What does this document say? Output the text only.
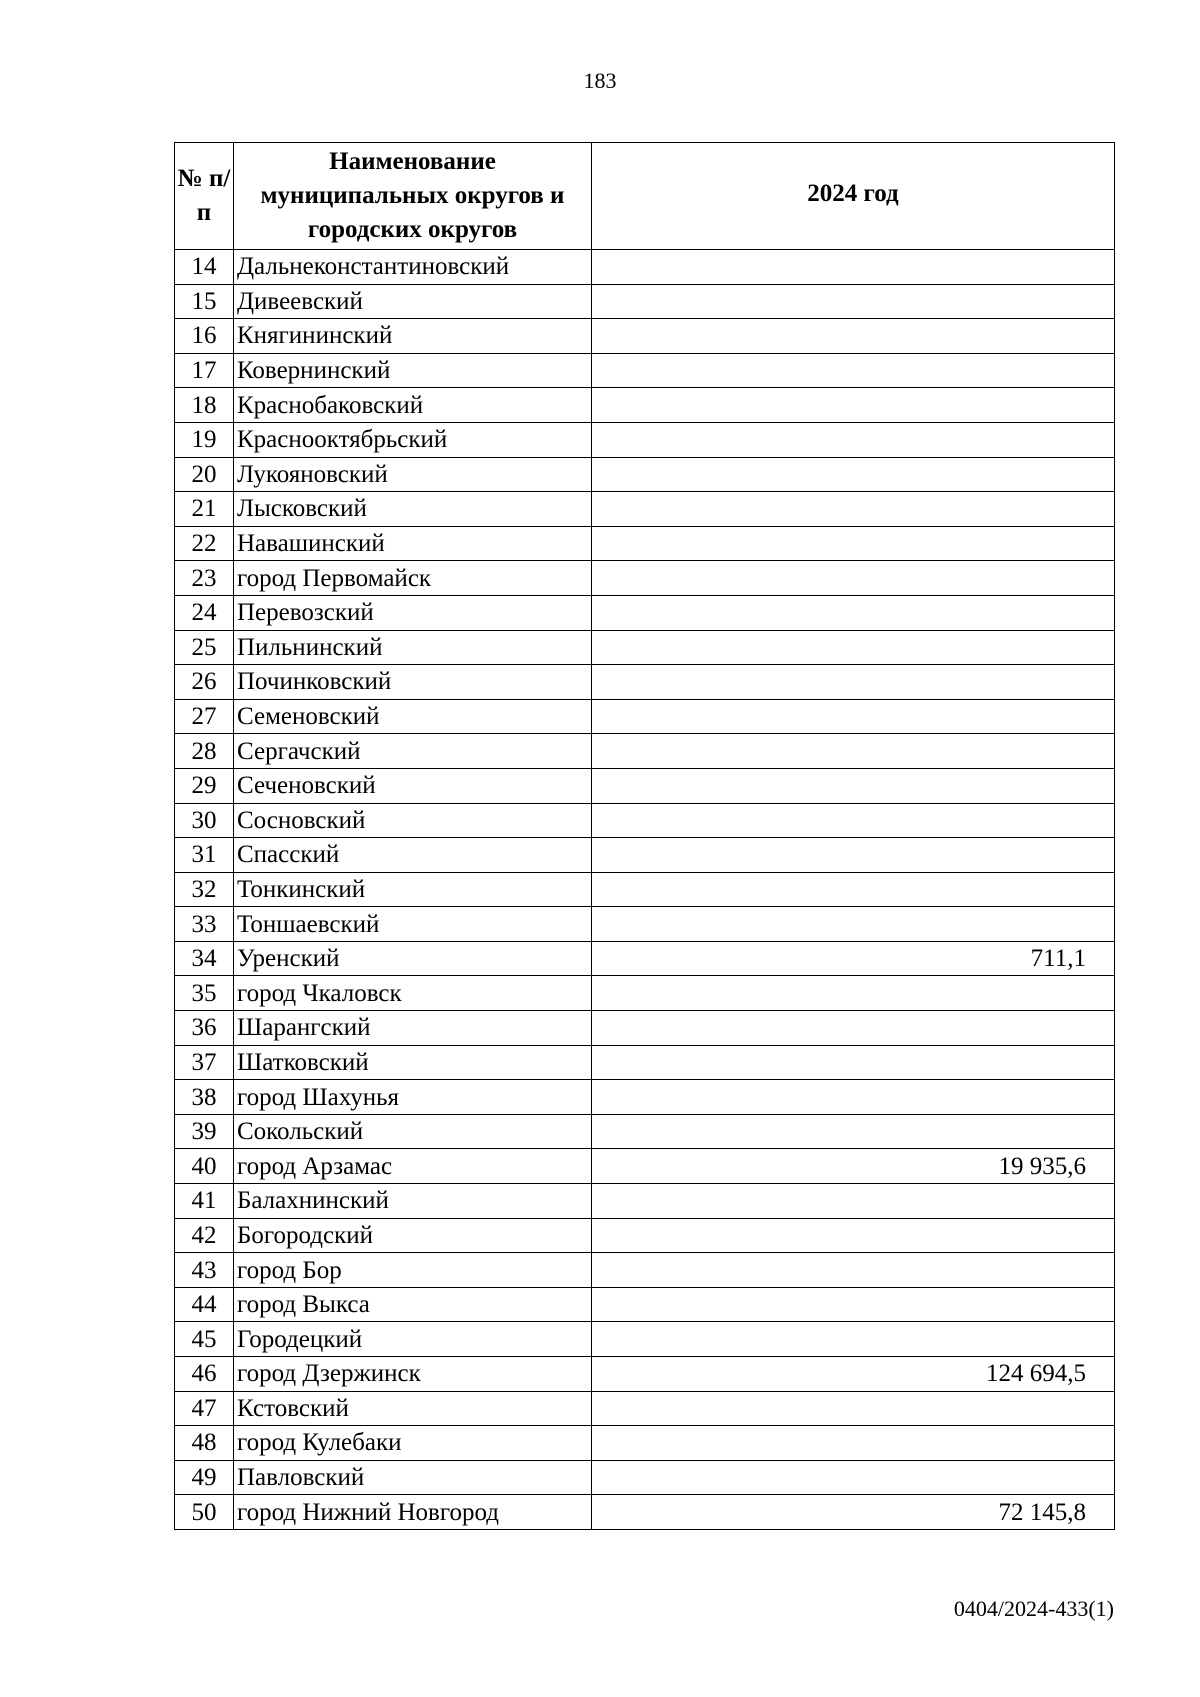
183
№ п/п	Наименование муниципальных округов и городских округов	2024 год
14	Дальнеконстантиновский	
15	Дивеевский	
16	Княгининский	
17	Ковернинский	
18	Краснобаковский	
19	Краснооктябрьский	
20	Лукояновский	
21	Лысковский	
22	Навашинский	
23	город Первомайск	
24	Перевозский	
25	Пильнинский	
26	Починковский	
27	Семеновский	
28	Сергачский	
29	Сеченовский	
30	Сосновский	
31	Спасский	
32	Тонкинский	
33	Тоншаевский	
34	Уренский	711,1
35	город Чкаловск	
36	Шарангский	
37	Шатковский	
38	город Шахунья	
39	Сокольский	
40	город Арзамас	19 935,6
41	Балахнинский	
42	Богородский	
43	город Бор	
44	город Выкса	
45	Городецкий	
46	город Дзержинск	124 694,5
47	Кстовский	
48	город Кулебаки	
49	Павловский	
50	город Нижний Новгород	72 145,8
0404/2024-433(1)
